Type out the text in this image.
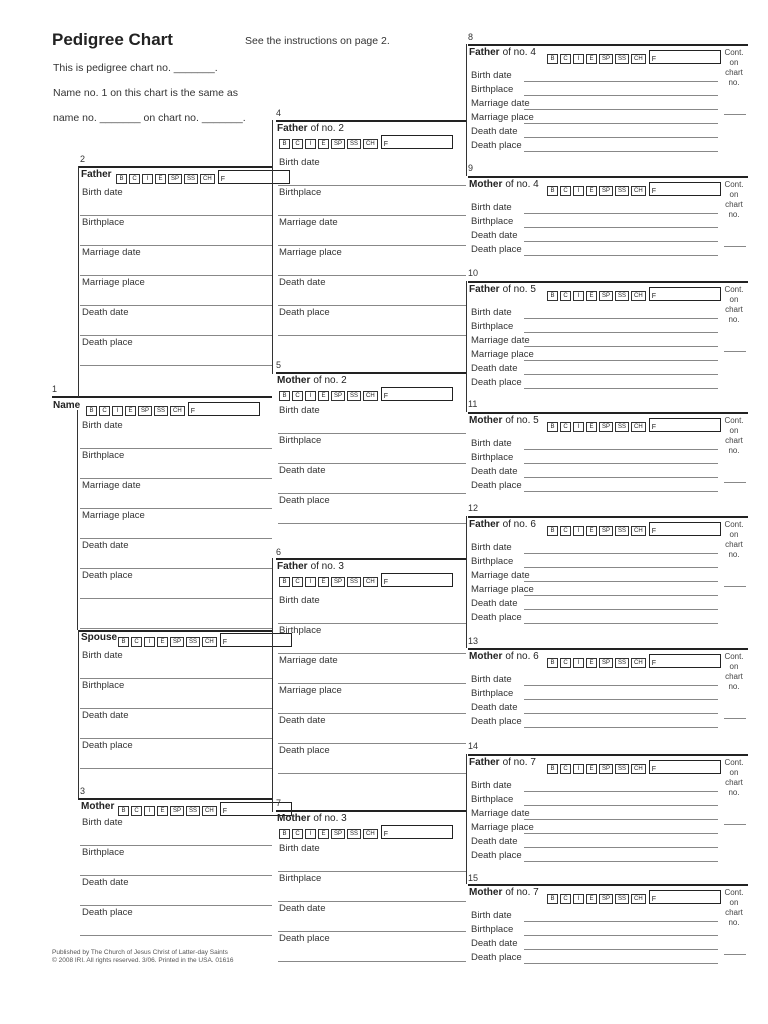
Pedigree Chart	See the instructions on page 2.
This is pedigree chart no. _______.
Name no. 1 on this chart is the same as
name no. _______ on chart no. _______.
1
Name	B	C	I	E	SP	SS	CH	F
Birth date
Birthplace
Marriage date
Marriage place
Death date
Death place
Spouse B	C	I	E	SP	SS	CH	F
Birth date
Birthplace
Death date
Death place
2
Father	B	C	I	E	SP	SS	CH	F
Birth date
Birthplace
Marriage date
Marriage place
Death date
Death place
3
Mother	B	C	I	E	SP	SS	CH	F
Birth date
Birthplace
Death date
Death place
4
Father of no. 2
B	C	I	E	SP	SS	CH	F
Birth date
Birthplace
Marriage date
Marriage place
Death date
Death place
5
Mother of no. 2
B	C	I	E	SP	SS	CH	F
Birth date
Birthplace
Death date
Death place
6
Father of no. 3
B	C	I	E	SP	SS	CH	F
Birth date
Birthplace
Marriage date
Marriage place
Death date
Death place
7
Mother of no. 3
B	C	I	E	SP	SS	CH	F
Birth date
Birthplace
Death date
Death place
8
Father of no. 4
B	C	I	E	SP	SS	CH	F
Cont.
on
chart
no.
Birth date
Birthplace
Marriage date
Marriage place
Death date
Death place
9
Mother of no. 4
B	C	I	E	SP	SS	CH	F
Cont.
on
chart
no.
Birth date
Birthplace
Death date
Death place
10
Father of no. 5
B	C	I	E	SP	SS	CH	F
Cont.
on
chart
no.
Birth date
Birthplace
Marriage date
Marriage place
Death date
Death place
11
Mother of no. 5
B	C	I	E	SP	SS	CH	F
Cont.
on
chart
no.
Birth date
Birthplace
Death date
Death place
12
Father of no. 6
B	C	I	E	SP	SS	CH	F
Cont.
on
chart
no.
Birth date
Birthplace
Marriage date
Marriage place
Death date
Death place
13
Mother of no. 6
B	C	I	E	SP	SS	CH	F
Cont.
on
chart
no.
Birth date
Birthplace
Death date
Death place
14
Father of no. 7
B	C	I	E	SP	SS	CH	F
Cont.
on
chart
no.
Birth date
Birthplace
Marriage date
Marriage place
Death date
Death place
15
Mother of no. 7
B	C	I	E	SP	SS	CH	F
Cont.
on
chart
no.
Birth date
Birthplace
Death date
Death place
Published by The Church of Jesus Christ of Latter-day Saints
© 2008 IRI. All rights reserved. 3/06. Printed in the USA. 01616
